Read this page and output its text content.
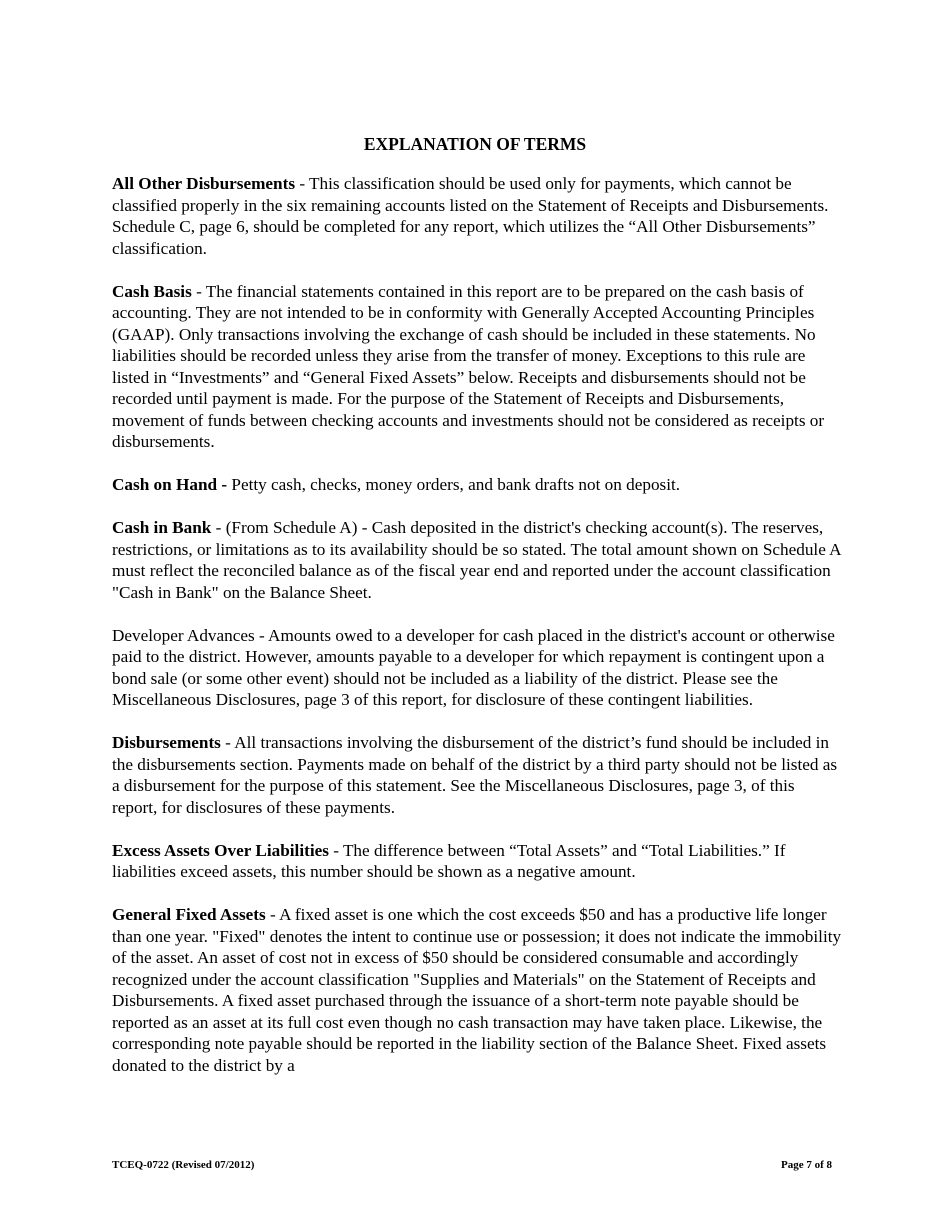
EXPLANATION OF TERMS

All Other Disbursements - This classification should be used only for payments, which cannot be classified properly in the six remaining accounts listed on the Statement of Receipts and Disbursements. Schedule C, page 6, should be completed for any report, which utilizes the “All Other Disbursements” classification.

Cash Basis - The financial statements contained in this report are to be prepared on the cash basis of accounting. They are not intended to be in conformity with Generally Accepted Accounting Principles (GAAP). Only transactions involving the exchange of cash should be included in these statements. No liabilities should be recorded unless they arise from the transfer of money. Exceptions to this rule are listed in “Investments” and “General Fixed Assets” below. Receipts and disbursements should not be recorded until payment is made. For the purpose of the Statement of Receipts and Disbursements, movement of funds between checking accounts and investments should not be considered as receipts or disbursements.

Cash on Hand - Petty cash, checks, money orders, and bank drafts not on deposit.

Cash in Bank - (From Schedule A) - Cash deposited in the district's checking account(s). The reserves, restrictions, or limitations as to its availability should be so stated. The total amount shown on Schedule A must reflect the reconciled balance as of the fiscal year end and reported under the account classification "Cash in Bank" on the Balance Sheet.

Developer Advances - Amounts owed to a developer for cash placed in the district's account or otherwise paid to the district. However, amounts payable to a developer for which repayment is contingent upon a bond sale (or some other event) should not be included as a liability of the district. Please see the Miscellaneous Disclosures, page 3 of this report, for disclosure of these contingent liabilities.

Disbursements - All transactions involving the disbursement of the district’s fund should be included in the disbursements section. Payments made on behalf of the district by a third party should not be listed as a disbursement for the purpose of this statement. See the Miscellaneous Disclosures, page 3, of this report, for disclosures of these payments.

Excess Assets Over Liabilities - The difference between “Total Assets” and “Total Liabilities.” If liabilities exceed assets, this number should be shown as a negative amount.

General Fixed Assets - A fixed asset is one which the cost exceeds $50 and has a productive life longer than one year. "Fixed" denotes the intent to continue use or possession; it does not indicate the immobility of the asset. An asset of cost not in excess of $50 should be considered consumable and accordingly recognized under the account classification "Supplies and Materials" on the Statement of Receipts and Disbursements. A fixed asset purchased through the issuance of a short-term note payable should be reported as an asset at its full cost even though no cash transaction may have taken place. Likewise, the corresponding note payable should be reported in the liability section of the Balance Sheet. Fixed assets donated to the district by a

TCEQ-0722 (Revised 07/2012)	Page 7 of 8
